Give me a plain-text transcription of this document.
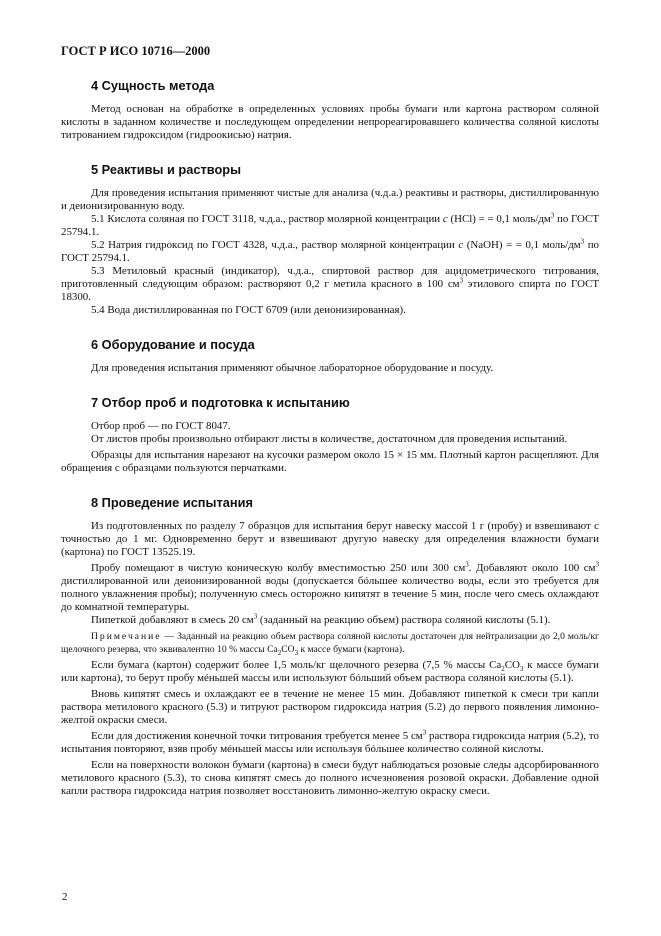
ГОСТ Р ИСО 10716—2000
4 Сущность метода

Метод основан на обработке в определенных условиях пробы бумаги или картона раствором соляной кислоты в заданном количестве и последующем определении непрореагировавшего количества соляной кислоты титрованием гидроксидом (гидроокисью) натрия.

5 Реактивы и растворы

Для проведения испытания применяют чистые для анализа (ч.д.а.) реактивы и растворы, дистиллированную и деионизированную воду.

5.1 Кислота соляная по ГОСТ 3118, ч.д.а., раствор молярной концентрации c (HCl) = = 0,1 моль/$дм^3$ по ГОСТ 25794.1.

5.2 Натрия гидроксид по ГОСТ 4328, ч.д.а., раствор молярной концентрации c (NaOH) = = 0,1 моль/$дм^3$ по ГОСТ 25794.1.

5.3 Метиловый красный (индикатор), ч.д.а., спиртовой раствор для ацидометрического титрования, приготовленный следующим образом: растворяют 0,2 г метила красного в 100 $см^3$ этилового спирта по ГОСТ 18300.

5.4 Вода дистиллированная по ГОСТ 6709 (или деионизированная).

6 Оборудование и посуда

Для проведения испытания применяют обычное лабораторное оборудование и посуду.

7 Отбор проб и подготовка к испытанию

Отбор проб — по ГОСТ 8047.

От листов пробы произвольно отбирают листы в количестве, достаточном для проведения испытаний.

Образцы для испытания нарезают на кусочки размером около 15 × 15 мм. Плотный картон расщепляют. Для обращения с образцами пользуются перчатками.

8 Проведение испытания

Из подготовленных по разделу 7 образцов для испытания берут навеску массой 1 г (пробу) и взвешивают с точностью до 1 мг. Одновременно берут и взвешивают другую навеску для определения влажности бумаги (картона) по ГОСТ 13525.19.

Пробу помещают в чистую коническую колбу вместимостью 250 или 300 $см^3$. Добавляют около 100 $см^3$ дистиллированной или деионизированной воды (допускается бóльшее количество воды, если это требуется для полного увлажнения пробы); полученную смесь осторожно кипятят в течение 5 мин, после чего смесь охлаждают до комнатной температуры.

Пипеткой добавляют в смесь 20 $см^3$ (заданный на реакцию объем) раствора соляной кислоты (5.1).

Примечание — Заданный на реакцию объем раствора соляной кислоты достаточен для нейтрализации до 2,0 моль/кг щелочного резерва, что эквивалентно 10 % массы $Ca_2CO_3$ к массе бумаги (картона).

Если бумага (картон) содержит более 1,5 моль/кг щелочного резерва (7,5 % массы $Ca_2CO_3$ к массе бумаги или картона), то берут пробу мéньшей массы или используют бóльший объем раствора соляной кислоты (5.1).

Вновь кипятят смесь и охлаждают ее в течение не менее 15 мин. Добавляют пипеткой к смеси три капли раствора метилового красного (5.3) и титруют раствором гидроксида натрия (5.2) до первого появления лимонно-желтой окраски смеси.

Если для достижения конечной точки титрования требуется менее 5 $см^3$ раствора гидроксида натрия (5.2), то испытания повторяют, взяв пробу мéньшей массы или используя бóльшее количество соляной кислоты.

Если на поверхности волокон бумаги (картона) в смеси будут наблюдаться розовые следы адсорбированного метилового красного (5.3), то снова кипятят смесь до полного исчезновения розовой окраски. Добавление одной капли раствора гидроксида натрия позволяет восстановить лимонно-желтую окраску смеси.

2
